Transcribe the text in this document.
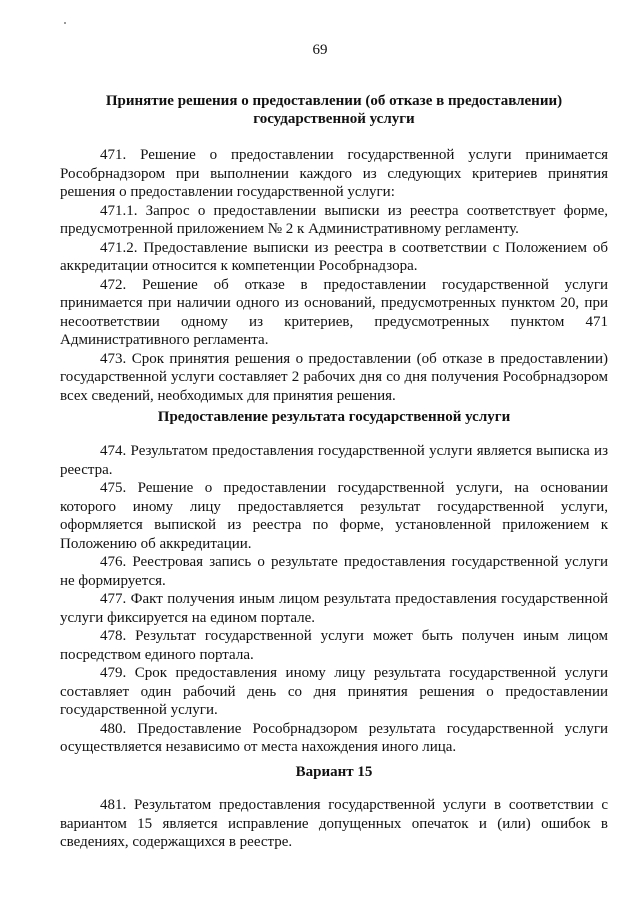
69
Принятие решения о предоставлении (об отказе в предоставлении)
государственной услуги

471. Решение о предоставлении государственной услуги принимается Рособрнадзором при выполнении каждого из следующих критериев принятия решения о предоставлении государственной услуги:

471.1. Запрос о предоставлении выписки из реестра соответствует форме, предусмотренной приложением № 2 к Административному регламенту.

471.2. Предоставление выписки из реестра в соответствии с Положением об аккредитации относится к компетенции Рособрнадзора.

472. Решение об отказе в предоставлении государственной услуги принимается при наличии одного из оснований, предусмотренных пунктом 20, при несоответствии одному из критериев, предусмотренных пунктом 471 Административного регламента.

473. Срок принятия решения о предоставлении (об отказе в предоставлении) государственной услуги составляет 2 рабочих дня со дня получения Рособрнадзором всех сведений, необходимых для принятия решения.

Предоставление результата государственной услуги

474. Результатом предоставления государственной услуги является выписка из реестра.

475. Решение о предоставлении государственной услуги, на основании которого иному лицу предоставляется результат государственной услуги, оформляется выпиской из реестра по форме, установленной приложением к Положению об аккредитации.

476. Реестровая запись о результате предоставления государственной услуги не формируется.

477. Факт получения иным лицом результата предоставления государственной услуги фиксируется на едином портале.

478. Результат государственной услуги может быть получен иным лицом посредством единого портала.

479. Срок предоставления иному лицу результата государственной услуги составляет один рабочий день со дня принятия решения о предоставлении государственной услуги.

480. Предоставление Рособрнадзором результата государственной услуги осуществляется независимо от места нахождения иного лица.

Вариант 15

481. Результатом предоставления государственной услуги в соответствии с вариантом 15 является исправление допущенных опечаток и (или) ошибок в сведениях, содержащихся в реестре.
